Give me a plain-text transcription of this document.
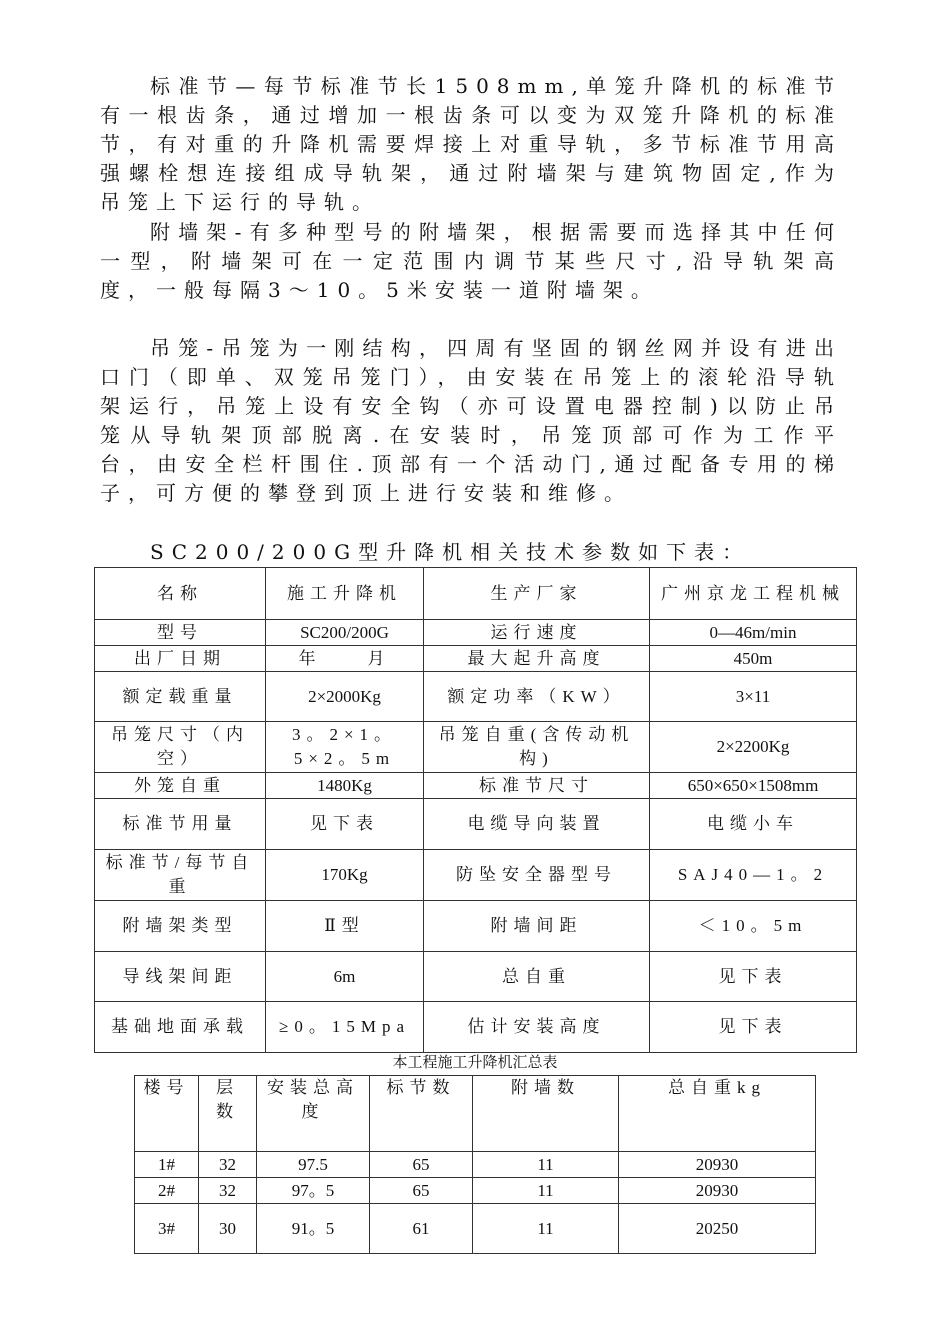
标准节—每节标准节长1508mm,单笼升降机的标准节有一根齿条，通过增加一根齿条可以变为双笼升降机的标准节，有对重的升降机需要焊接上对重导轨，多节标准节用高强螺栓想连接组成导轨架，通过附墙架与建筑物固定,作为吊笼上下运行的导轨。

附墙架-有多种型号的附墙架，根据需要而选择其中任何一型，附墙架可在一定范围内调节某些尺寸,沿导轨架高度，一般每隔3～10。5米安装一道附墙架。

吊笼-吊笼为一刚结构，四周有坚固的钢丝网并设有进出口门（即单、双笼吊笼门），由安装在吊笼上的滚轮沿导轨架运行，吊笼上设有安全钩（亦可设置电器控制)以防止吊笼从导轨架顶部脱离.在安装时，吊笼顶部可作为工作平台，由安全栏杆围住.顶部有一个活动门,通过配备专用的梯子，可方便的攀登到顶上进行安装和维修。

SC200/200G型升降机相关技术参数如下表：

名称	施工升降机	生产厂家	广州京龙工程机械
型号	SC200/200G	运行速度	0—46m/min
出厂日期	年　　月	最大起升高度	450m
额定载重量	2×2000Kg	额定功率（KW）	3×11
吊笼尺寸（内空）	3。2×1。5×2。5m	吊笼自重(含传动机构)	2×2200Kg
外笼自重	1480Kg	标准节尺寸	650×650×1508mm
标准节用量	见下表	电缆导向装置	电缆小车
标准节/每节自重	170Kg	防坠安全器型号	SAJ40—1。2
附墙架类型	Ⅱ型	附墙间距	＜10。5m
导线架间距	6m	总自重	见下表
基础地面承载	≥0。15Mpa	估计安装高度	见下表
本工程施工升降机汇总表
楼号	层数	安装总高度	标节数	附墙数	总自重kg
1#	32	97.5	65	11	20930
2#	32	97。5	65	11	20930
3#	30	91。5	61	11	20250
